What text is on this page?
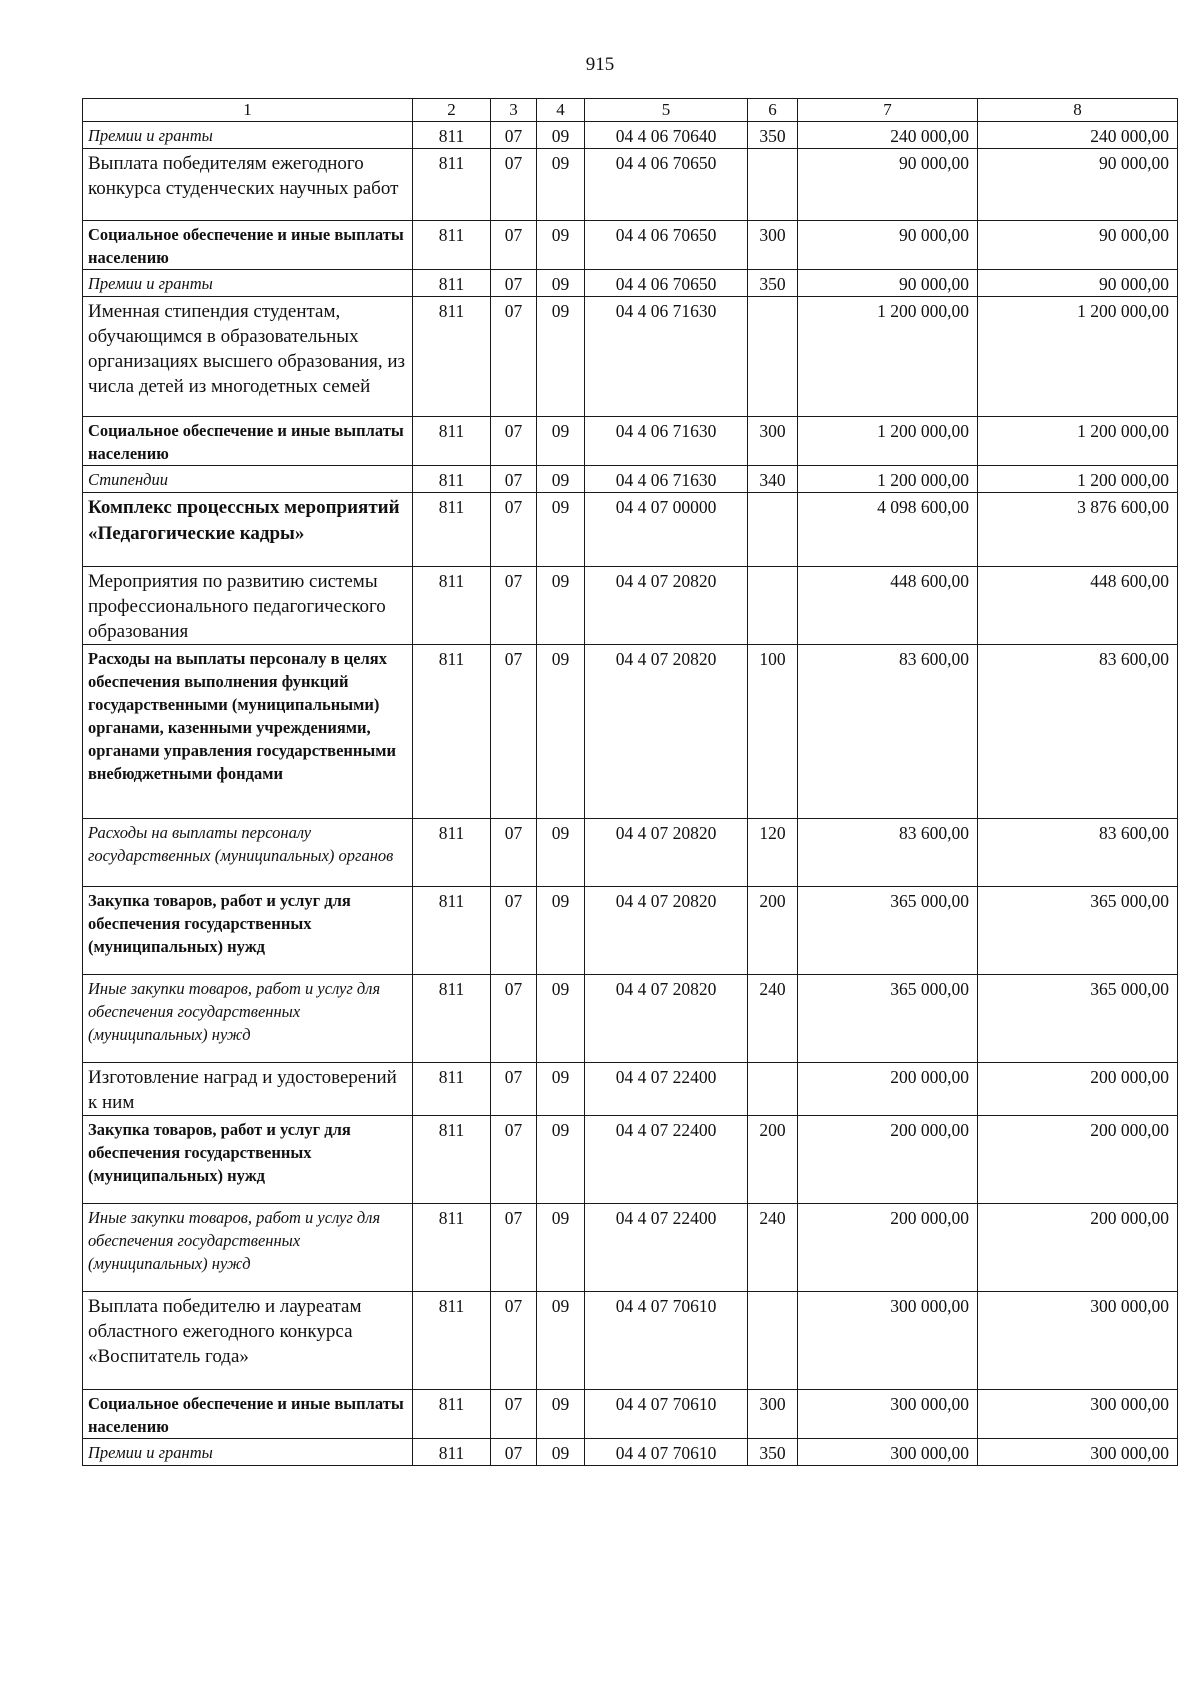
915
1	2	3	4	5	6	7	8
Премии и гранты	811	07	09	04 4 06 70640	350	240 000,00	240 000,00
Выплата победителям ежегодного конкурса студенческих научных работ	811	07	09	04 4 06 70650		90 000,00	90 000,00
Социальное обеспечение и иные выплаты населению	811	07	09	04 4 06 70650	300	90 000,00	90 000,00
Премии и гранты	811	07	09	04 4 06 70650	350	90 000,00	90 000,00
Именная стипендия студентам, обучающимся в образовательных организациях высшего образования, из числа детей из многодетных семей	811	07	09	04 4 06 71630		1 200 000,00	1 200 000,00
Социальное обеспечение и иные выплаты населению	811	07	09	04 4 06 71630	300	1 200 000,00	1 200 000,00
Стипендии	811	07	09	04 4 06 71630	340	1 200 000,00	1 200 000,00
Комплекс процессных мероприятий «Педагогические кадры»	811	07	09	04 4 07 00000		4 098 600,00	3 876 600,00
Мероприятия по развитию системы профессионального педагогического образования	811	07	09	04 4 07 20820		448 600,00	448 600,00
Расходы на выплаты персоналу в целях обеспечения выполнения функций государственными (муниципальными) органами, казенными учреждениями, органами управления государственными внебюджетными фондами	811	07	09	04 4 07 20820	100	83 600,00	83 600,00
Расходы на выплаты персоналу государственных (муниципальных) органов	811	07	09	04 4 07 20820	120	83 600,00	83 600,00
Закупка товаров, работ и услуг для обеспечения государственных (муниципальных) нужд	811	07	09	04 4 07 20820	200	365 000,00	365 000,00
Иные закупки товаров, работ и услуг для обеспечения государственных (муниципальных) нужд	811	07	09	04 4 07 20820	240	365 000,00	365 000,00
Изготовление наград и удостоверений к ним	811	07	09	04 4 07 22400		200 000,00	200 000,00
Закупка товаров, работ и услуг для обеспечения государственных (муниципальных) нужд	811	07	09	04 4 07 22400	200	200 000,00	200 000,00
Иные закупки товаров, работ и услуг для обеспечения государственных (муниципальных) нужд	811	07	09	04 4 07 22400	240	200 000,00	200 000,00
Выплата победителю и лауреатам областного ежегодного конкурса «Воспитатель года»	811	07	09	04 4 07 70610		300 000,00	300 000,00
Социальное обеспечение и иные выплаты населению	811	07	09	04 4 07 70610	300	300 000,00	300 000,00
Премии и гранты	811	07	09	04 4 07 70610	350	300 000,00	300 000,00
